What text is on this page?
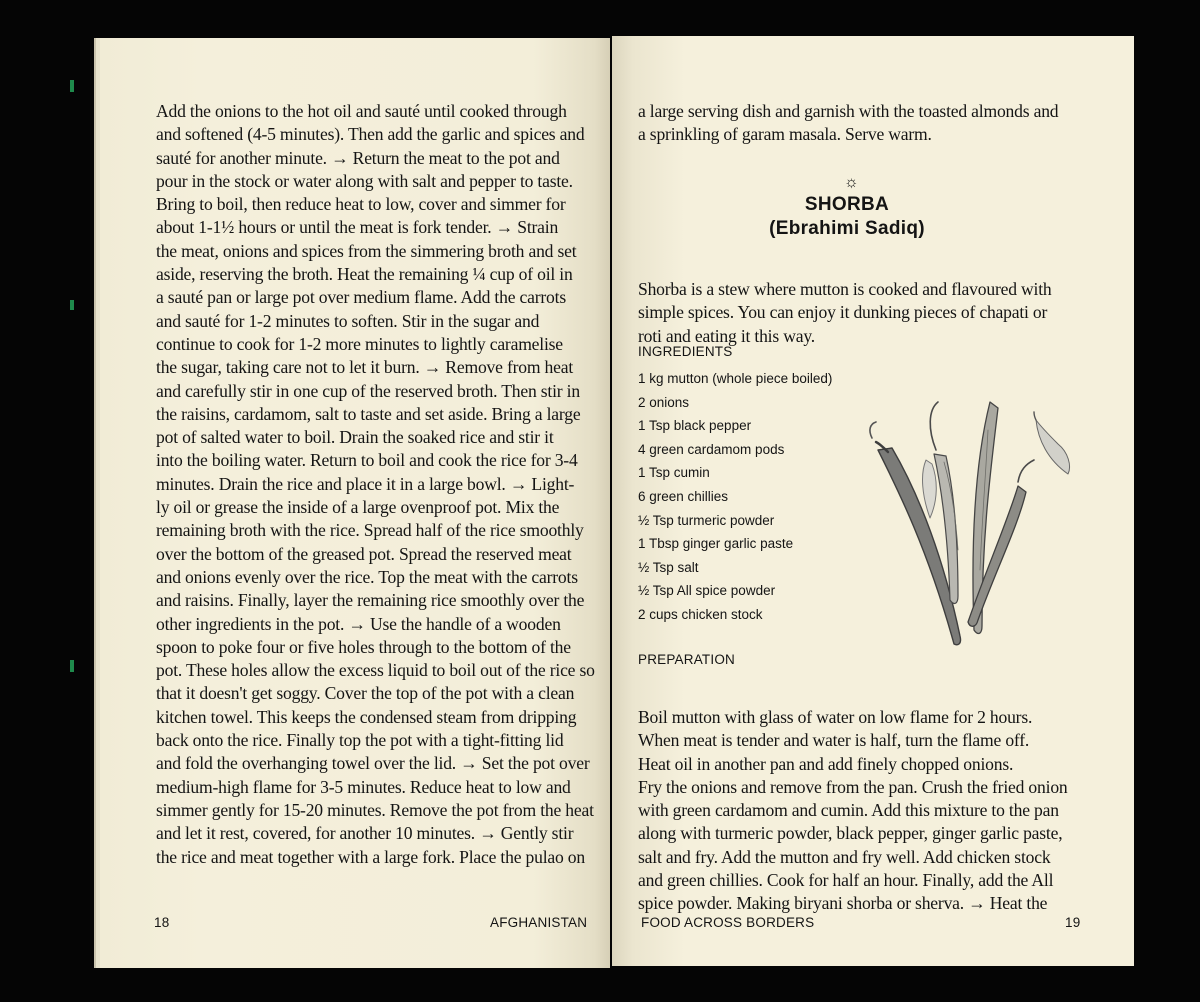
Add the onions to the hot oil and sauté until cooked through
and softened (4-5 minutes). Then add the garlic and spices and
sauté for another minute. → Return the meat to the pot and
pour in the stock or water along with salt and pepper to taste.
Bring to boil, then reduce heat to low, cover and simmer for
about 1-1½ hours or until the meat is fork tender. → Strain
the meat, onions and spices from the simmering broth and set
aside, reserving the broth. Heat the remaining ¼ cup of oil in
a sauté pan or large pot over medium flame. Add the carrots
and sauté for 1-2 minutes to soften. Stir in the sugar and
continue to cook for 1-2 more minutes to lightly caramelise
the sugar, taking care not to let it burn. → Remove from heat
and carefully stir in one cup of the reserved broth. Then stir in
the raisins, cardamom, salt to taste and set aside. Bring a large
pot of salted water to boil. Drain the soaked rice and stir it
into the boiling water. Return to boil and cook the rice for 3-4
minutes. Drain the rice and place it in a large bowl. → Light-
ly oil or grease the inside of a large ovenproof pot. Mix the
remaining broth with the rice. Spread half of the rice smoothly
over the bottom of the greased pot. Spread the reserved meat
and onions evenly over the rice. Top the meat with the carrots
and raisins. Finally, layer the remaining rice smoothly over the
other ingredients in the pot. → Use the handle of a wooden
spoon to poke four or five holes through to the bottom of the
pot. These holes allow the excess liquid to boil out of the rice so
that it doesn't get soggy. Cover the top of the pot with a clean
kitchen towel. This keeps the condensed steam from dripping
back onto the rice. Finally top the pot with a tight-fitting lid
and fold the overhanging towel over the lid. → Set the pot over
medium-high flame for 3-5 minutes. Reduce heat to low and
simmer gently for 15-20 minutes. Remove the pot from the heat
and let it rest, covered, for another 10 minutes. → Gently stir
the rice and meat together with a large fork. Place the pulao on
18	AFGHANISTAN
a large serving dish and garnish with the toasted almonds and
a sprinkling of garam masala. Serve warm.
☼
SHORBA
(Ebrahimi Sadiq)
Shorba is a stew where mutton is cooked and flavoured with
simple spices. You can enjoy it dunking pieces of chapati or
roti and eating it this way.
INGREDIENTS
1 kg mutton (whole piece boiled)
2 onions
1 Tsp black pepper
4 green cardamom pods
1 Tsp cumin
6 green chillies
½ Tsp turmeric powder
1 Tbsp ginger garlic paste
½ Tsp salt
½ Tsp All spice powder
2 cups chicken stock
PREPARATION
Boil mutton with glass of water on low flame for 2 hours.
When meat is tender and water is half, turn the flame off.
Heat oil in another pan and add finely chopped onions.
Fry the onions and remove from the pan. Crush the fried onion
with green cardamom and cumin. Add this mixture to the pan
along with turmeric powder, black pepper, ginger garlic paste,
salt and fry. Add the mutton and fry well. Add chicken stock
and green chillies. Cook for half an hour. Finally, add the All
spice powder. Making biryani shorba or sherva. → Heat the
FOOD ACROSS BORDERS	19
